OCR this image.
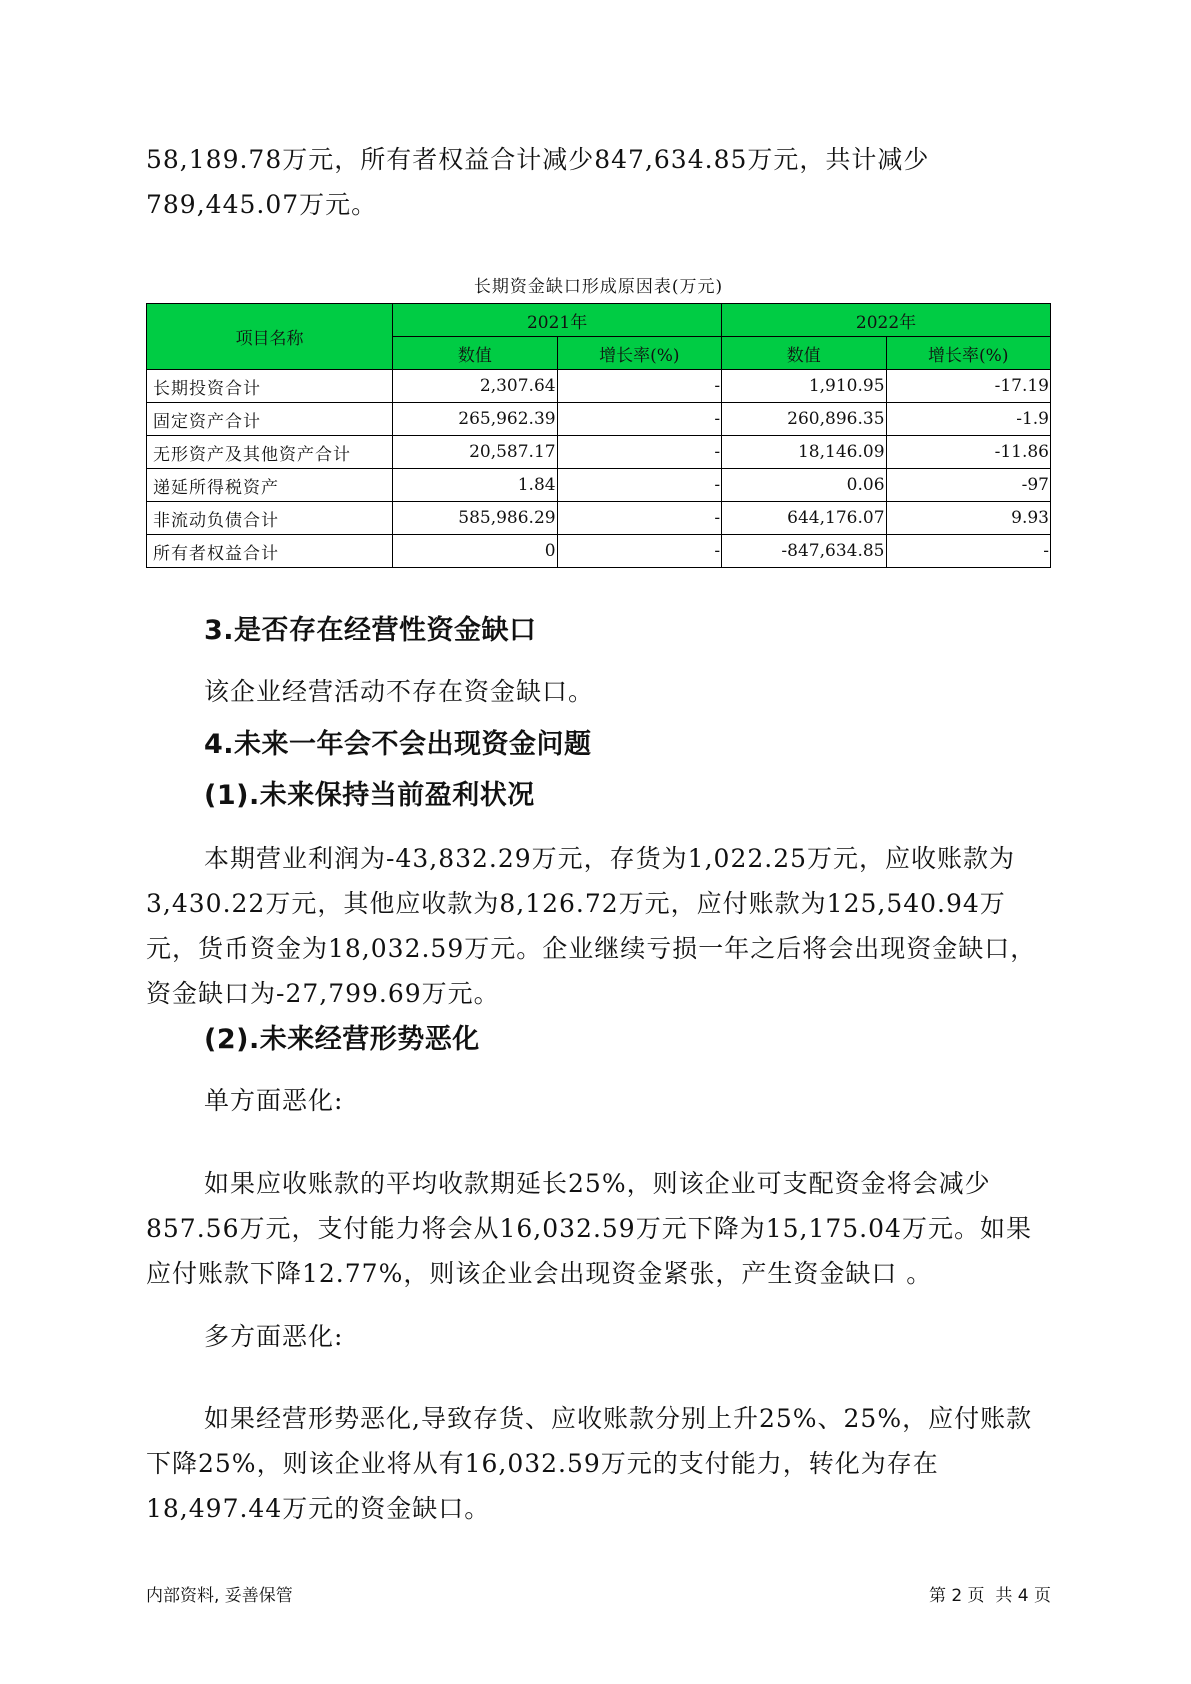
58,189.78万元，所有者权益合计减少847,634.85万元，共计减少789,445.07万元。

长期资金缺口形成原因表(万元)
项目名称	2021年		2022年	
	数值	增长率(%)	数值	增长率(%)
长期投资合计	2,307.64	-	1,910.95	-17.19
固定资产合计	265,962.39	-	260,896.35	-1.9
无形资产及其他资产合计	20,587.17	-	18,146.09	-11.86
递延所得税资产	1.84	-	0.06	-97
非流动负债合计	585,986.29	-	644,176.07	9.93
所有者权益合计	0	-	-847,634.85	-
3.是否存在经营性资金缺口

该企业经营活动不存在资金缺口。

4.未来一年会不会出现资金问题
(1).未来保持当前盈利状况

本期营业利润为-43,832.29万元，存货为1,022.25万元，应收账款为3,430.22万元，其他应收款为8,126.72万元，应付账款为125,540.94万元，货币资金为18,032.59万元。企业继续亏损一年之后将会出现资金缺口，资金缺口为-27,799.69万元。

(2).未来经营形势恶化

单方面恶化:

如果应收账款的平均收款期延长25%，则该企业可支配资金将会减少857.56万元，支付能力将会从16,032.59万元下降为15,175.04万元。如果应付账款下降12.77%，则该企业会出现资金紧张，产生资金缺口 。

多方面恶化:

如果经营形势恶化,导致存货、应收账款分别上升25%、25%，应付账款下降25%，则该企业将从有16,032.59万元的支付能力，转化为存在18,497.44万元的资金缺口。

内部资料, 妥善保管	第 2 页  共 4 页
